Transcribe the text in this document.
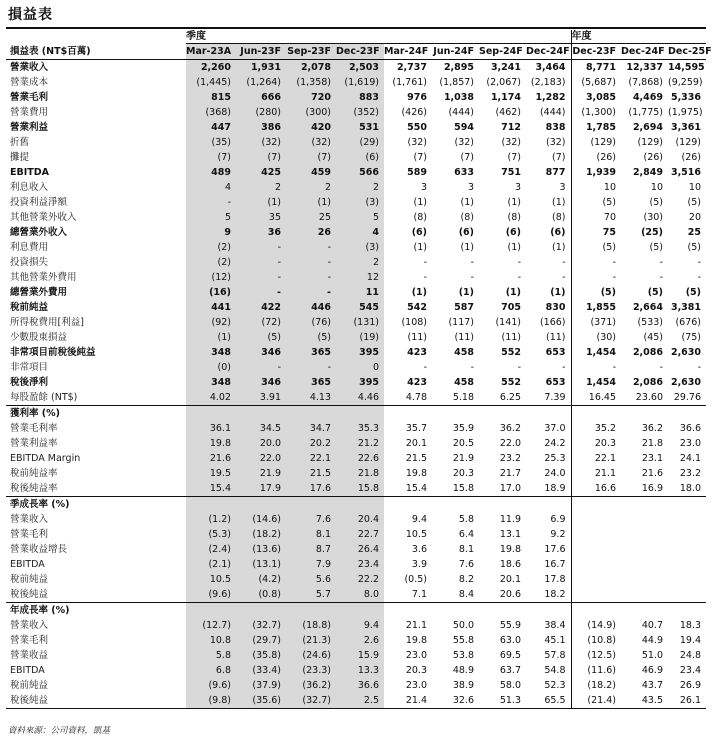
損益表
	季度								年度		
損益表 (NT$百萬)	Mar-23A	Jun-23F	Sep-23F	Dec-23F	Mar-24F	Jun-24F	Sep-24F	Dec-24F	Dec-23F	Dec-24F	Dec-25F
營業收入	2,260	1,931	2,078	2,503	2,737	2,895	3,241	3,464	8,771	12,337	14,595
營業成本	(1,445)	(1,264)	(1,358)	(1,619)	(1,761)	(1,857)	(2,067)	(2,183)	(5,687)	(7,868)	(9,259)
營業毛利	815	666	720	883	976	1,038	1,174	1,282	3,085	4,469	5,336
營業費用	(368)	(280)	(300)	(352)	(426)	(444)	(462)	(444)	(1,300)	(1,775)	(1,975)
營業利益	447	386	420	531	550	594	712	838	1,785	2,694	3,361
折舊	(35)	(32)	(32)	(29)	(32)	(32)	(32)	(32)	(129)	(129)	(129)
攤提	(7)	(7)	(7)	(6)	(7)	(7)	(7)	(7)	(26)	(26)	(26)
EBITDA	489	425	459	566	589	633	751	877	1,939	2,849	3,516
利息收入	4	2	2	2	3	3	3	3	10	10	10
投資利益淨額	-	(1)	(1)	(3)	(1)	(1)	(1)	(1)	(5)	(5)	(5)
其他營業外收入	5	35	25	5	(8)	(8)	(8)	(8)	70	(30)	20
總營業外收入	9	36	26	4	(6)	(6)	(6)	(6)	75	(25)	25
利息費用	(2)	-	-	(3)	(1)	(1)	(1)	(1)	(5)	(5)	(5)
投資損失	(2)	-	-	2	-	-	-	-	-	-	-
其他營業外費用	(12)	-	-	12	-	-	-	-	-	-	-
總營業外費用	(16)	-	-	11	(1)	(1)	(1)	(1)	(5)	(5)	(5)
稅前純益	441	422	446	545	542	587	705	830	1,855	2,664	3,381
所得稅費用[利益]	(92)	(72)	(76)	(131)	(108)	(117)	(141)	(166)	(371)	(533)	(676)
少數股東損益	(1)	(5)	(5)	(19)	(11)	(11)	(11)	(11)	(30)	(45)	(75)
非常項目前稅後純益	348	346	365	395	423	458	552	653	1,454	2,086	2,630
非常項目	(0)	-	-	0	-	-	-	-	-	-	-
稅後淨利	348	346	365	395	423	458	552	653	1,454	2,086	2,630
每股盈餘 (NT$)	4.02	3.91	4.13	4.46	4.78	5.18	6.25	7.39	16.45	23.60	29.76
獲利率 (%)											
營業毛利率	36.1	34.5	34.7	35.3	35.7	35.9	36.2	37.0	35.2	36.2	36.6
營業利益率	19.8	20.0	20.2	21.2	20.1	20.5	22.0	24.2	20.3	21.8	23.0
EBITDA Margin	21.6	22.0	22.1	22.6	21.5	21.9	23.2	25.3	22.1	23.1	24.1
稅前純益率	19.5	21.9	21.5	21.8	19.8	20.3	21.7	24.0	21.1	21.6	23.2
稅後純益率	15.4	17.9	17.6	15.8	15.4	15.8	17.0	18.9	16.6	16.9	18.0
季成長率 (%)											
營業收入	(1.2)	(14.6)	7.6	20.4	9.4	5.8	11.9	6.9			
營業毛利	(5.3)	(18.2)	8.1	22.7	10.5	6.4	13.1	9.2			
營業收益增長	(2.4)	(13.6)	8.7	26.4	3.6	8.1	19.8	17.6			
EBITDA	(2.1)	(13.1)	7.9	23.4	3.9	7.6	18.6	16.7			
稅前純益	10.5	(4.2)	5.6	22.2	(0.5)	8.2	20.1	17.8			
稅後純益	(9.6)	(0.8)	5.7	8.0	7.1	8.4	20.6	18.2			
年成長率 (%)											
營業收入	(12.7)	(32.7)	(18.8)	9.4	21.1	50.0	55.9	38.4	(14.9)	40.7	18.3
營業毛利	10.8	(29.7)	(21.3)	2.6	19.8	55.8	63.0	45.1	(10.8)	44.9	19.4
營業收益	5.8	(35.8)	(24.6)	15.9	23.0	53.8	69.5	57.8	(12.5)	51.0	24.8
EBITDA	6.8	(33.4)	(23.3)	13.3	20.3	48.9	63.7	54.8	(11.6)	46.9	23.4
稅前純益	(9.6)	(37.9)	(36.2)	36.6	23.0	38.9	58.0	52.3	(18.2)	43.7	26.9
稅後純益	(9.8)	(35.6)	(32.7)	2.5	21.4	32.6	51.3	65.5	(21.4)	43.5	26.1
資料來源：公司資料，凱基
